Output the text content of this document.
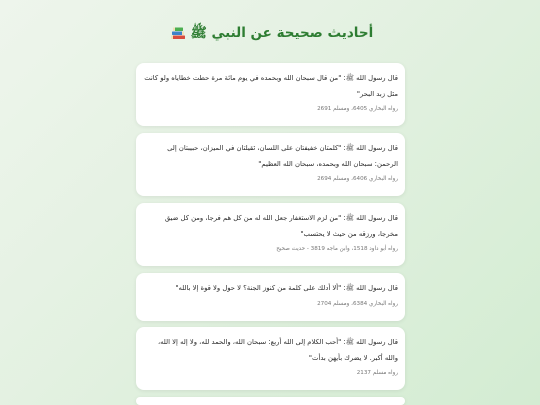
أحاديث صحيحة عن النبي ﷺ

قال رسول الله ﷺ: "من قال سبحان الله وبحمده في يوم مائة مرة حطت خطاياه ولو كانت مثل زبد البحر"

رواه البخاري 6405، ومسلم 2691

قال رسول الله ﷺ: "كلمتان خفيفتان على اللسان، ثقيلتان في الميزان، حبيبتان إلى الرحمن: سبحان الله وبحمده، سبحان الله العظيم"

رواه البخاري 6406، ومسلم 2694

قال رسول الله ﷺ: "من لزم الاستغفار جعل الله له من كل هم فرجا، ومن كل ضيق مخرجا، ورزقه من حيث لا يحتسب"

رواه أبو داود 1518، وابن ماجه 3819 - حديث صحيح

قال رسول الله ﷺ: "ألا أدلك على كلمة من كنوز الجنة؟ لا حول ولا قوة إلا بالله"

رواه البخاري 6384، ومسلم 2704

قال رسول الله ﷺ: "أحب الكلام إلى الله أربع: سبحان الله، والحمد لله، ولا إله إلا الله، والله أكبر. لا يضرك بأيهن بدأت"

رواه مسلم 2137
